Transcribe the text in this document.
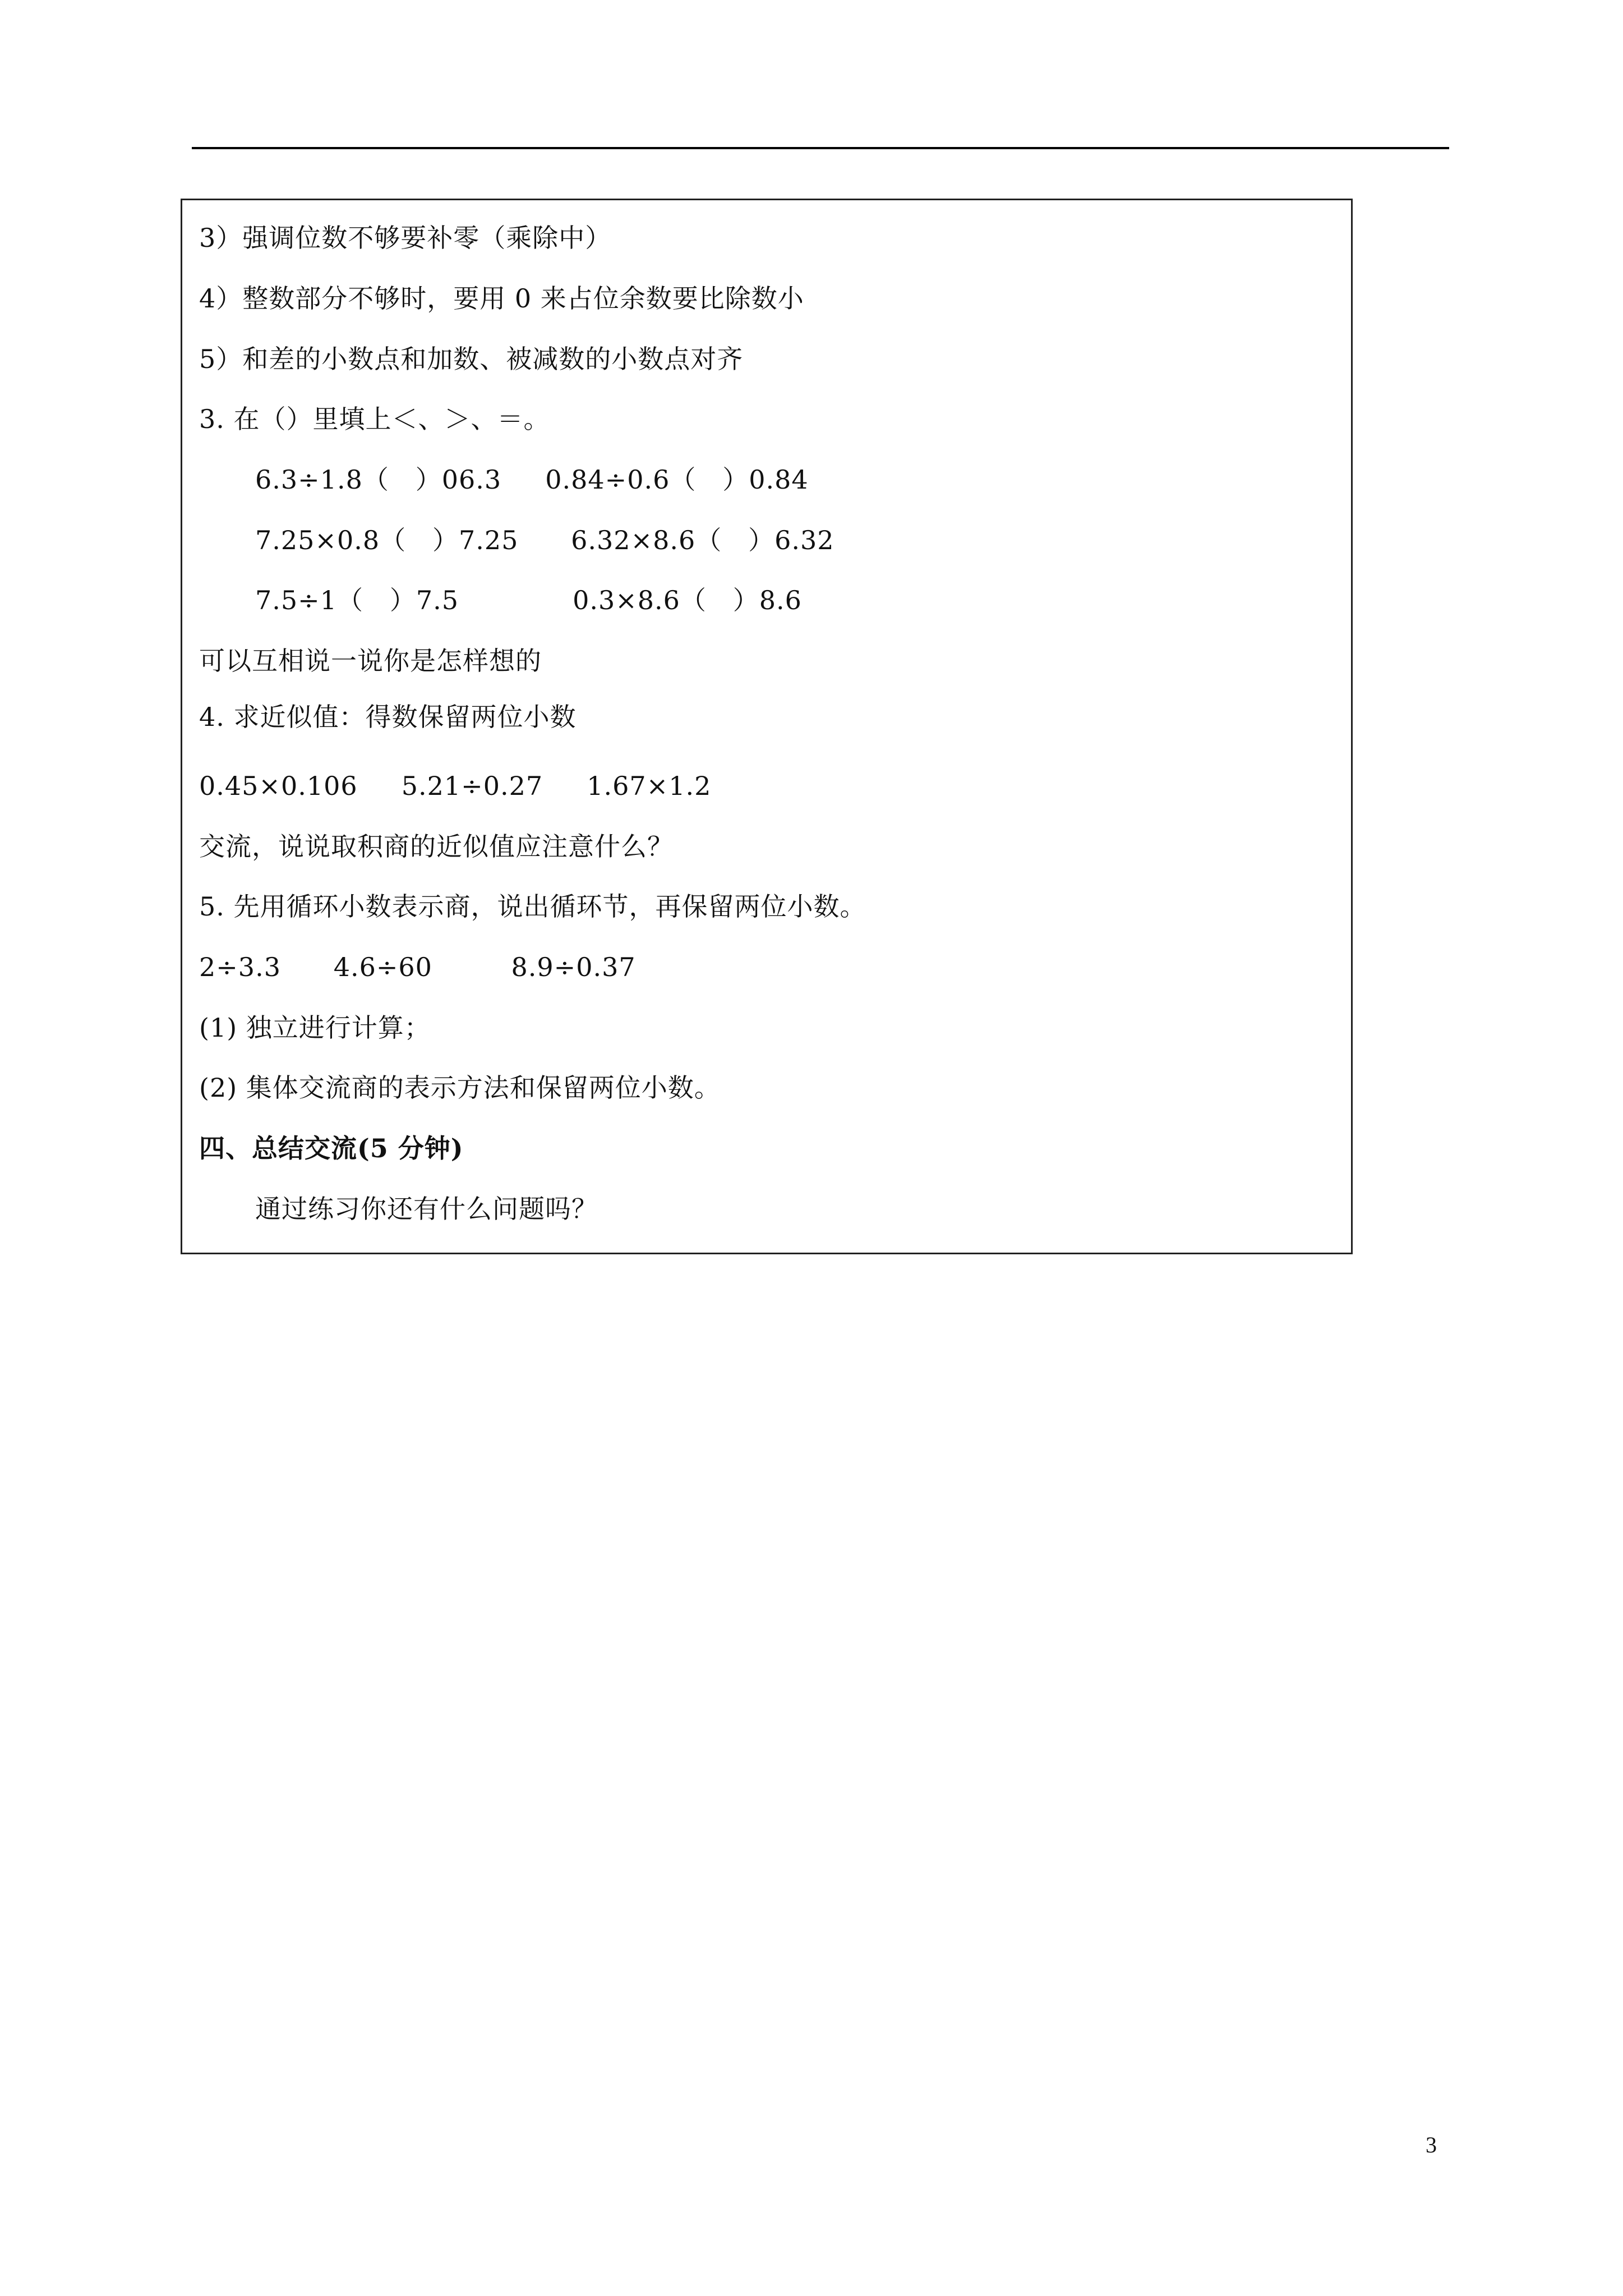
3）强调位数不够要补零（乘除中）
4）整数部分不够时，要用 0 来占位余数要比除数小
5）和差的小数点和加数、被减数的小数点对齐
3. 在（）里填上＜、＞、＝。
6.3÷1.8（   ）06.3     0.84÷0.6（   ）0.84
7.25×0.8（   ）7.25      6.32×8.6（   ）6.32
7.5÷1（   ）7.5             0.3×8.6（   ）8.6
可以互相说一说你是怎样想的
4. 求近似值：得数保留两位小数
0.45×0.106     5.21÷0.27     1.67×1.2
交流，说说取积商的近似值应注意什么？
5. 先用循环小数表示商，说出循环节，再保留两位小数。
2÷3.3      4.6÷60         8.9÷0.37
(1) 独立进行计算；
(2) 集体交流商的表示方法和保留两位小数。
四、总结交流(5 分钟)
通过练习你还有什么问题吗？
3
